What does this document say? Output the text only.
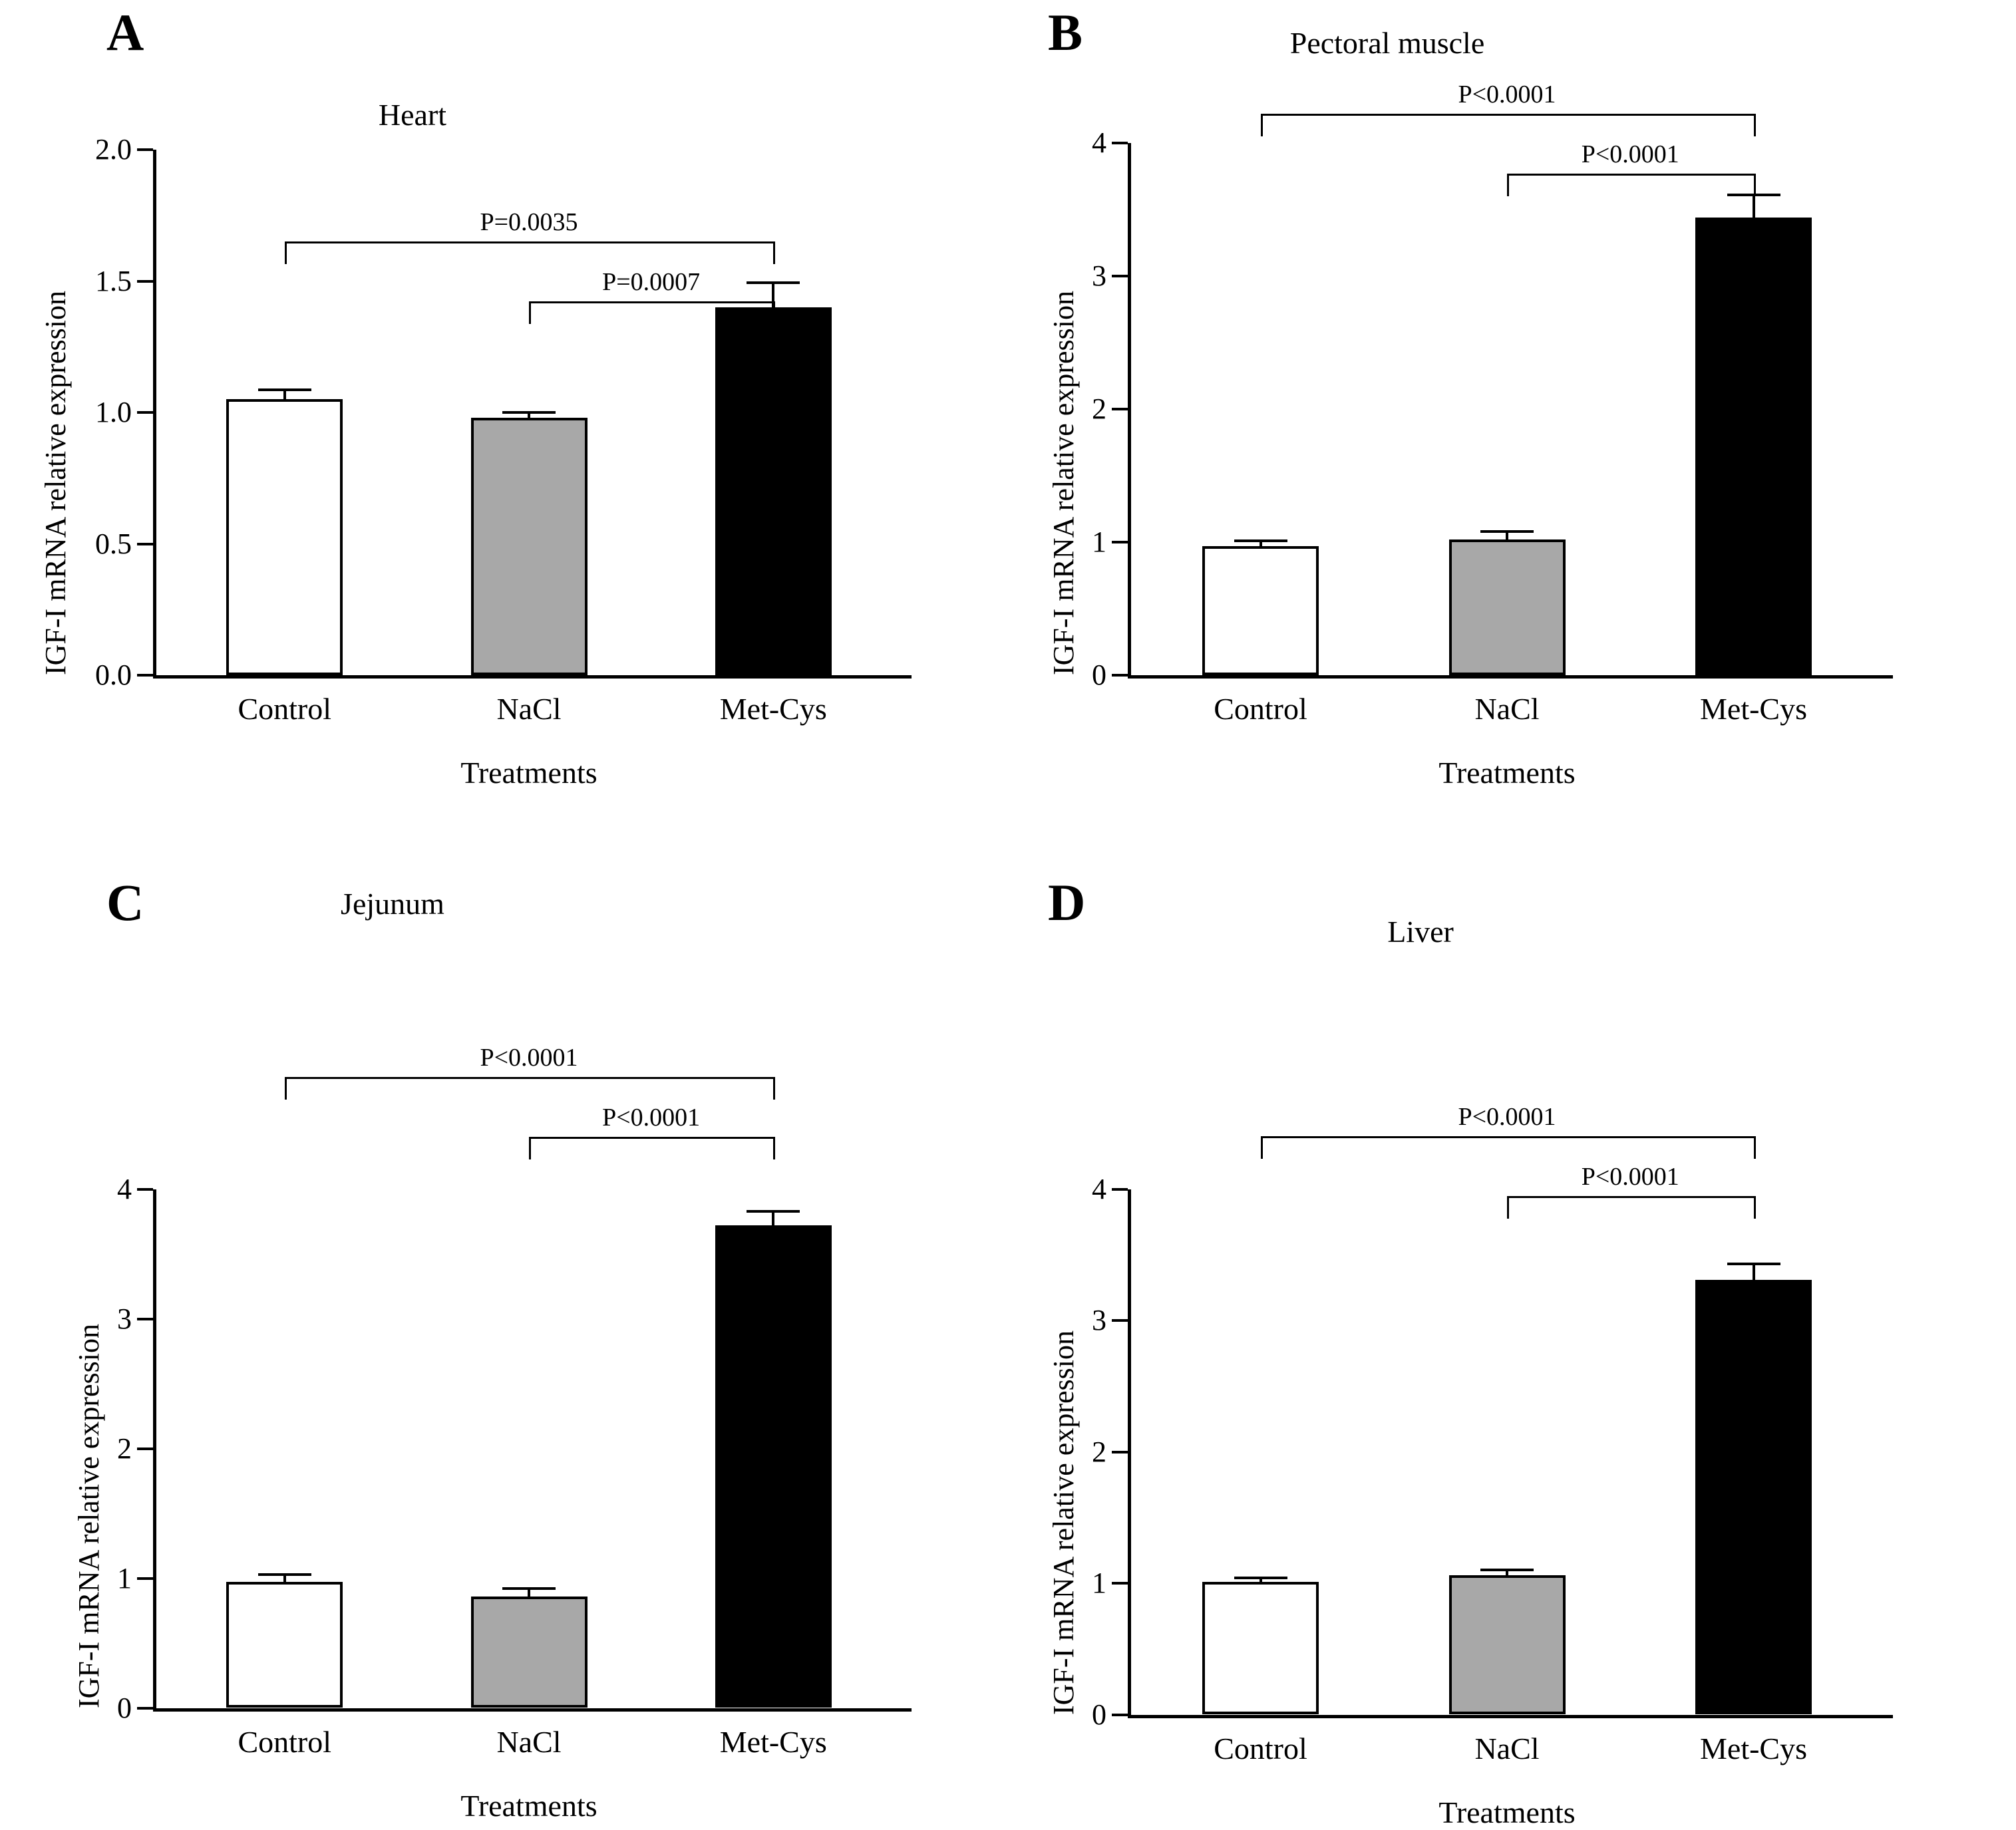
A
Heart
0.0
0.5
1.0
1.5
2.0
IGF-I mRNA relative expression
Control	NaCl	Met-Cys
Treatments
P=0.0035
P=0.0007
B	Pectoral muscle
0
1
2
3
4
IGF-I mRNA relative expression
Control	NaCl	Met-Cys
Treatments
P<0.0001
P<0.0001
C	Jejunum
0
1
2
3
4
IGF-I mRNA relative expression
Control	NaCl	Met-Cys
Treatments
P<0.0001
P<0.0001
D
Liver
0
1
2
3
4
IGF-I mRNA relative expression
Control	NaCl	Met-Cys
Treatments
P<0.0001
P<0.0001
